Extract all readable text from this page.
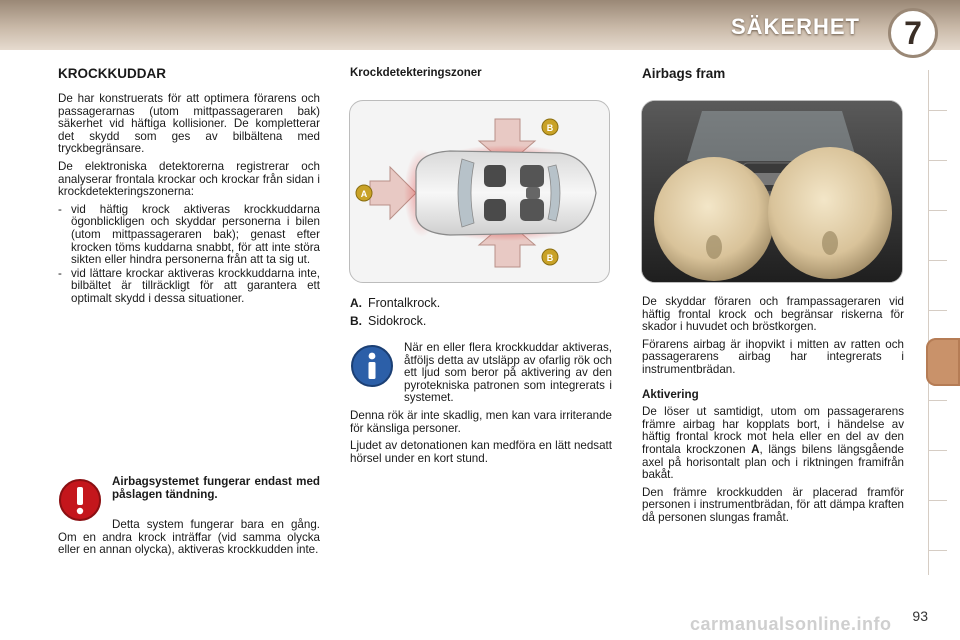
SÄKERHET	7
KROCKKUDDAR

De har konstruerats för att optimera förarens och passagerarnas (utom mittpassageraren bak) säkerhet vid häftiga kollisioner. De kompletterar det skydd som ges av bilbältena med tryckbegränsare.

De elektroniska detektorerna registrerar och analyserar frontala krockar och krockar från sidan i krockdetekteringszonerna:

- vid häftig krock aktiveras krockkuddarna ögonblickligen och skyddar personerna i bilen (utom mittpassageraren bak); genast efter krocken töms kuddarna snabbt, för att inte störa sikten eller hindra personerna från att ta sig ut.
- vid lättare krockar aktiveras krockkuddarna inte, bilbältet är tillräckligt för att garantera ett optimalt skydd i dessa situationer.
Airbagsystemet fungerar endast med påslagen tändning.

Detta system fungerar bara en gång. Om en andra krock inträffar (vid samma olycka eller en annan olycka), aktiveras krockkudden inte.

Krockdetekteringszoner
A
B
B
A. Frontalkrock.
B. Sidokrock.

När en eller flera krockkuddar aktiveras, åtföljs detta av utsläpp av ofarlig rök och ett ljud som beror på aktivering av den pyrotekniska patronen som integrerats i systemet.

Denna rök är inte skadlig, men kan vara irriterande för känsliga personer.

Ljudet av detonationen kan medföra en lätt nedsatt hörsel under en kort stund.

Airbags fram

De skyddar föraren och frampassageraren vid häftig frontal krock och begränsar riskerna för skador i huvudet och bröstkorgen.

Förarens airbag är ihopvikt i mitten av ratten och passagerarens airbag har integrerats i instrumentbrädan.

Aktivering

De löser ut samtidigt, utom om passagerarens främre airbag har kopplats bort, i händelse av häftig frontal krock mot hela eller en del av den frontala krockzonen A, längs bilens längsgående axel på horisontalt plan och i riktningen framifrån bakåt.

Den främre krockkudden är placerad framför personen i instrumentbrädan, för att dämpa kraften då personen slungas framåt.

93
carmanualsonline.info
